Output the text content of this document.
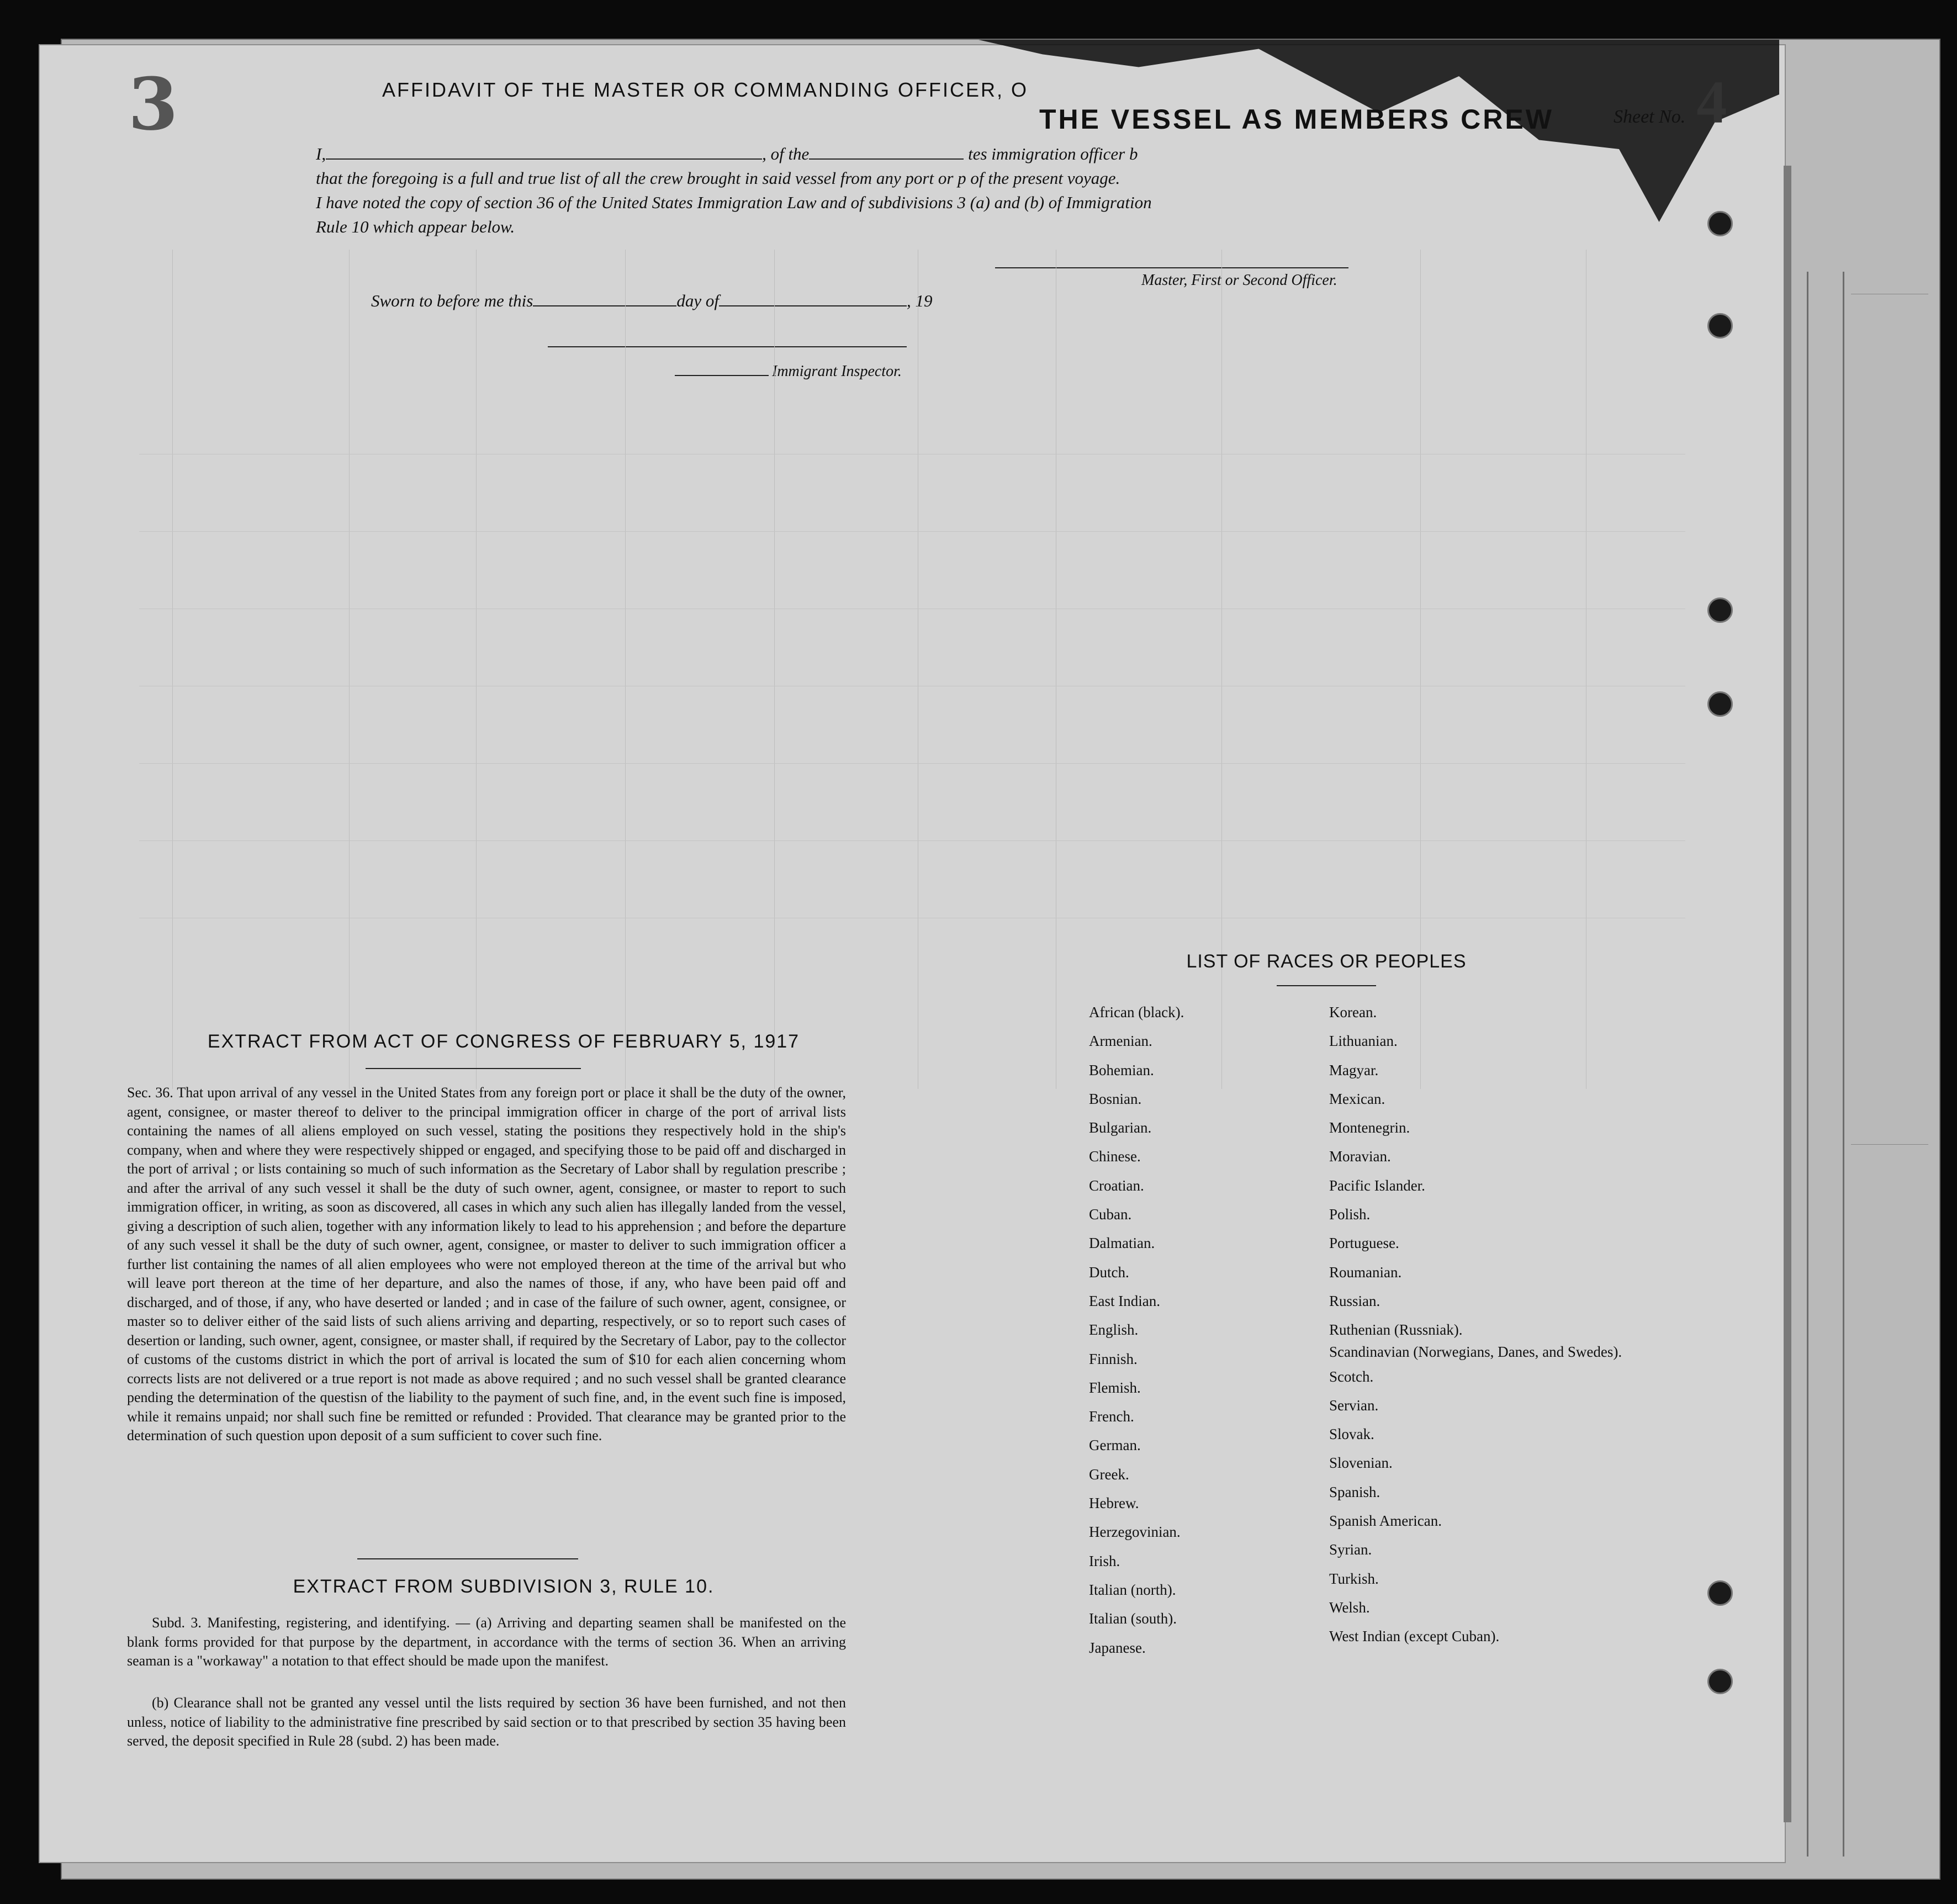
3	Sheet No. 4
AFFIDAVIT OF THE MASTER OR COMMANDING OFFICER, O
THE VESSEL AS MEMBERS CREW
I,	, of the	tes immigration officer b
that the foregoing is a full and true list of all the crew brought in said vessel from any port or p of the present voyage.
I have noted the copy of section 36 of the United States Immigration Law and of subdivisions 3 (a) and (b) of Immigration
Rule 10 which appear below.
Master, First or Second Officer.
Sworn to before me this	day of	, 19
Immigrant Inspector.
EXTRACT FROM ACT OF CONGRESS OF FEBRUARY 5, 1917
Sec. 36. That upon arrival of any vessel in the United States from any foreign port or place it shall be the duty of the owner, agent, consignee, or master thereof to deliver to the principal immigration officer in charge of the port of arrival lists containing the names of all aliens employed on such vessel, stating the positions they respectively hold in the ship's company, when and where they were respectively shipped or engaged, and specifying those to be paid off and discharged in the port of arrival ; or lists containing so much of such information as the Secretary of Labor shall by regulation prescribe ; and after the arrival of any such vessel it shall be the duty of such owner, agent, consignee, or master to report to such immigration officer, in writing, as soon as discovered, all cases in which any such alien has illegally landed from the vessel, giving a description of such alien, together with any information likely to lead to his apprehension ; and before the departure of any such vessel it shall be the duty of such owner, agent, consignee, or master to deliver to such immigration officer a further list containing the names of all alien employees who were not employed thereon at the time of the arrival but who will leave port thereon at the time of her departure, and also the names of those, if any, who have been paid off and discharged, and of those, if any, who have deserted or landed ; and in case of the failure of such owner, agent, consignee, or master so to deliver either of the said lists of such aliens arriving and departing, respectively, or so to report such cases of desertion or landing, such owner, agent, consignee, or master shall, if required by the Secretary of Labor, pay to the collector of customs of the customs district in which the port of arrival is located the sum of $10 for each alien concerning whom corrects lists are not delivered or a true report is not made as above required ; and no such vessel shall be granted clearance pending the determination of the questisn of the liability to the payment of such fine, and, in the event such fine is imposed, while it remains unpaid; nor shall such fine be remitted or refunded : Provided. That clearance may be granted prior to the determination of such question upon deposit of a sum sufficient to cover such fine.
EXTRACT FROM SUBDIVISION 3, RULE 10.
Subd. 3. Manifesting, registering, and identifying. — (a) Arriving and departing seamen shall be manifested on the blank forms provided for that purpose by the department, in accordance with the terms of section 36. When an arriving seaman is a "workaway" a notation to that effect should be made upon the manifest.
(b) Clearance shall not be granted any vessel until the lists required by section 36 have been furnished, and not then unless, notice of liability to the administrative fine prescribed by said section or to that prescribed by section 35 having been served, the deposit specified in Rule 28 (subd. 2) has been made.
LIST OF RACES OR PEOPLES
African (black).
Armenian.
Bohemian.
Bosnian.
Bulgarian.
Chinese.
Croatian.
Cuban.
Dalmatian.
Dutch.
East Indian.
English.
Finnish.
Flemish.
French.
German.
Greek.
Hebrew.
Herzegovinian.
Irish.
Italian (north).
Italian (south).
Japanese.
Korean.
Lithuanian.
Magyar.
Mexican.
Montenegrin.
Moravian.
Pacific Islander.
Polish.
Portuguese.
Roumanian.
Russian.
Ruthenian (Russniak).
Scandinavian (Norwegians, Danes, and Swedes).
Scotch.
Servian.
Slovak.
Slovenian.
Spanish.
Spanish American.
Syrian.
Turkish.
Welsh.
West Indian (except Cuban).
